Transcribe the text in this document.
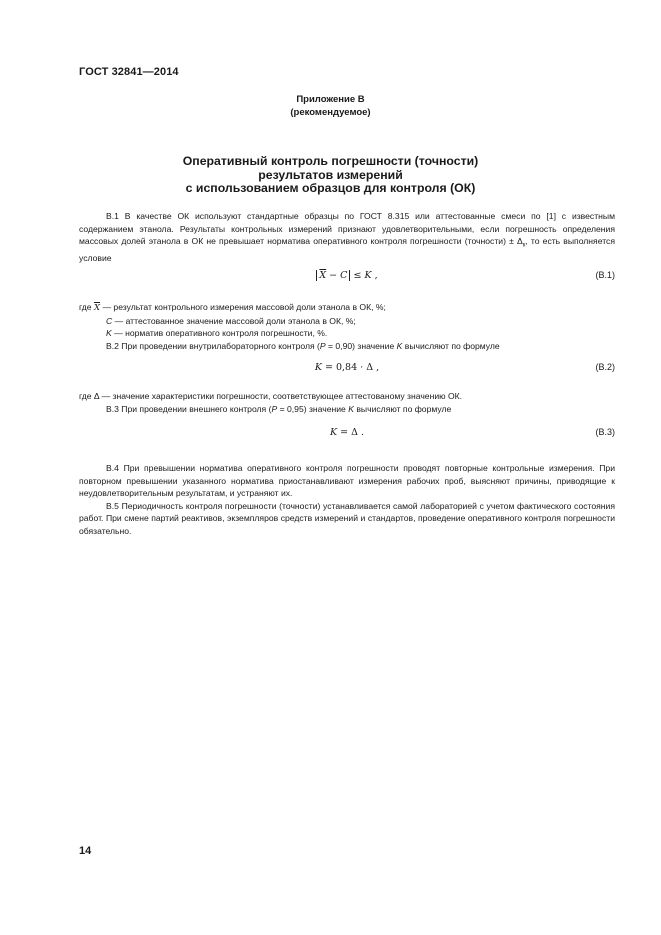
ГОСТ 32841—2014
Приложение В
(рекомендуемое)
Оперативный контроль погрешности (точности)
результатов измерений
с использованием образцов для контроля (ОК)

В.1 В качестве ОК используют стандартные образцы по ГОСТ 8.315 или аттестованные смеси по [1] с известным содержанием этанола. Результаты контрольных измерений признают удовлетворительными, если погрешность определения массовых долей этанола в ОК не превышает норматива оперативного контроля погрешности (точности) ± $\Delta_к$, то есть выполняется условие

$\overline{X} - C \le K$ ,	(В.1)

где $\overline{X}$ — результат контрольного измерения массовой доли этанола в ОК, %;

С — аттестованное значение массовой доли этанола в ОК, %;

K — норматив оперативного контроля погрешности, %.

В.2 При проведении внутрилабораторного контроля (Р = 0,90) значение K вычисляют по формуле

K = 0,84 · Δ ,	(В.2)

где Δ — значение характеристики погрешности, соответствующее аттестованому значению ОК.

В.3 При проведении внешнего контроля (Р = 0,95) значение K вычисляют по формуле

K = Δ .	(В.3)

В.4 При превышении норматива оперативного контроля погрешности проводят повторные контрольные измерения. При повторном превышении указанного норматива приостанавливают измерения рабочих проб, выясняют причины, приводящие к неудовлетворительным результатам, и устраняют их.

В.5 Периодичность контроля погрешности (точности) устанавливается самой лабораторией с учетом фактического состояния работ. При смене партий реактивов, экземпляров средств измерений и стандартов, проведение оперативного контроля погрешности обязательно.

14
